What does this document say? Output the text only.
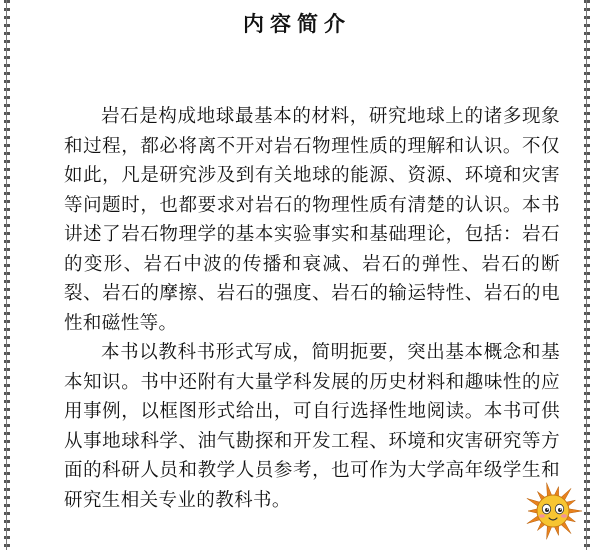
内容简介

岩石是构成地球最基本的材料，研究地球上的诸多现象和过程，都必将离不开对岩石物理性质的理解和认识。不仅如此，凡是研究涉及到有关地球的能源、资源、环境和灾害等问题时，也都要求对岩石的物理性质有清楚的认识。本书讲述了岩石物理学的基本实验事实和基础理论，包括：岩石的变形、岩石中波的传播和衰减、岩石的弹性、岩石的断裂、岩石的摩擦、岩石的强度、岩石的输运特性、岩石的电性和磁性等。

本书以教科书形式写成，简明扼要，突出基本概念和基本知识。书中还附有大量学科发展的历史材料和趣味性的应用事例，以框图形式给出，可自行选择性地阅读。本书可供从事地球科学、油气勘探和开发工程、环境和灾害研究等方面的科研人员和教学人员参考，也可作为大学高年级学生和研究生相关专业的教科书。
